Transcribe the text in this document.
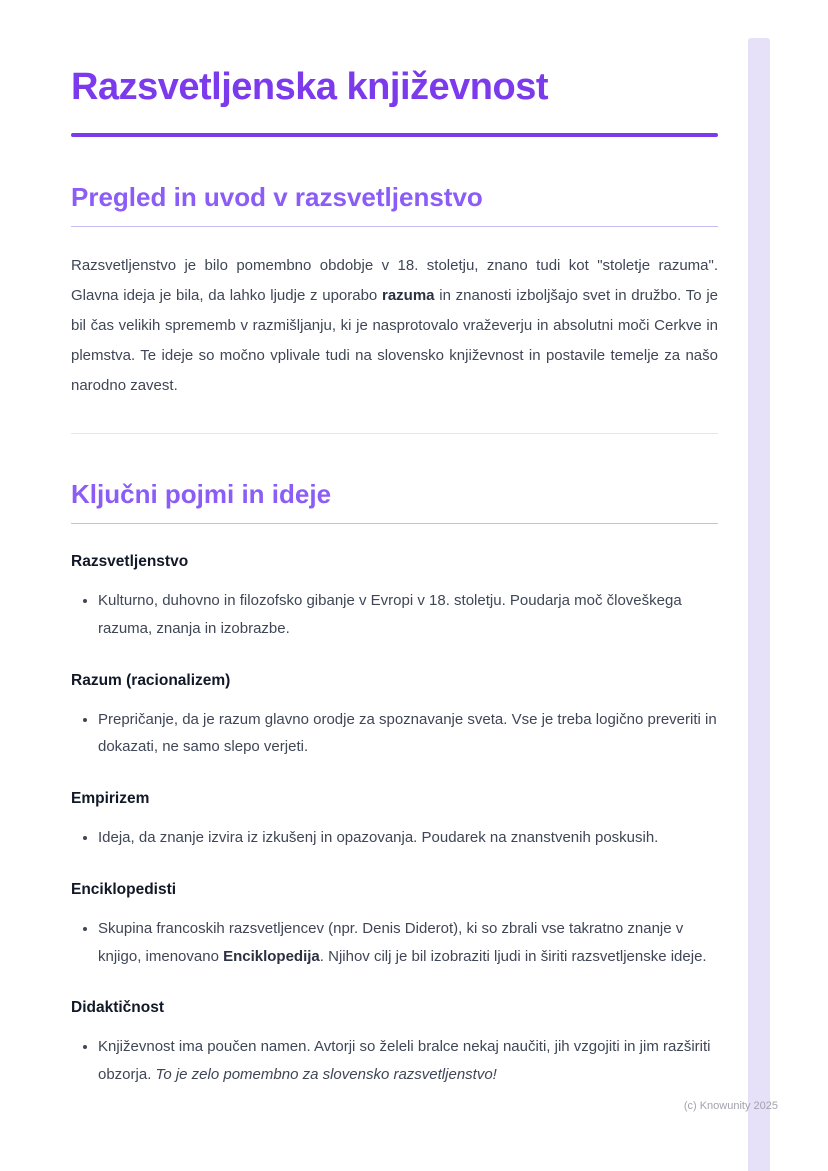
Razsvetljenska književnost
Pregled in uvod v razsvetljenstvo

Razsvetljenstvo je bilo pomembno obdobje v 18. stoletju, znano tudi kot "stoletje razuma". Glavna ideja je bila, da lahko ljudje z uporabo razuma in znanosti izboljšajo svet in družbo. To je bil čas velikih sprememb v razmišljanju, ki je nasprotovalo vraževerju in absolutni moči Cerkve in plemstva. Te ideje so močno vplivale tudi na slovensko književnost in postavile temelje za našo narodno zavest.

Ključni pojmi in ideje
Razsvetljenstvo
• Kulturno, duhovno in filozofsko gibanje v Evropi v 18. stoletju. Poudarja moč človeškega razuma, znanja in izobrazbe.
Razum (racionalizem)
• Prepričanje, da je razum glavno orodje za spoznavanje sveta. Vse je treba logično preveriti in dokazati, ne samo slepo verjeti.
Empirizem
• Ideja, da znanje izvira iz izkušenj in opazovanja. Poudarek na znanstvenih poskusih.
Enciklopedisti
• Skupina francoskih razsvetljencev (npr. Denis Diderot), ki so zbrali vse takratno znanje v knjigo, imenovano Enciklopedija. Njihov cilj je bil izobraziti ljudi in širiti razsvetljenske ideje.
Didaktičnost
• Književnost ima poučen namen. Avtorji so želeli bralce nekaj naučiti, jih vzgojiti in jim razširiti obzorja. To je zelo pomembno za slovensko razsvetljenstvo!
(c) Knowunity 2025
